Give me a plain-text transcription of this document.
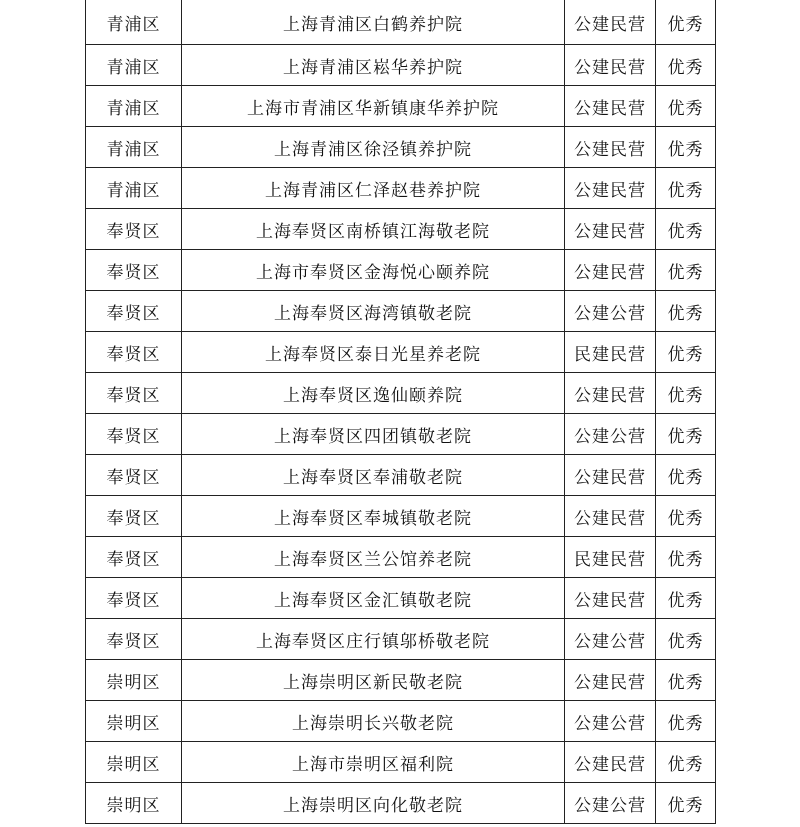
青浦区	上海青浦区白鹤养护院	公建民营	优秀
青浦区	上海青浦区崧华养护院	公建民营	优秀
青浦区	上海市青浦区华新镇康华养护院	公建民营	优秀
青浦区	上海青浦区徐泾镇养护院	公建民营	优秀
青浦区	上海青浦区仁泽赵巷养护院	公建民营	优秀
奉贤区	上海奉贤区南桥镇江海敬老院	公建民营	优秀
奉贤区	上海市奉贤区金海悦心颐养院	公建民营	优秀
奉贤区	上海奉贤区海湾镇敬老院	公建公营	优秀
奉贤区	上海奉贤区泰日光星养老院	民建民营	优秀
奉贤区	上海奉贤区逸仙颐养院	公建民营	优秀
奉贤区	上海奉贤区四团镇敬老院	公建公营	优秀
奉贤区	上海奉贤区奉浦敬老院	公建民营	优秀
奉贤区	上海奉贤区奉城镇敬老院	公建民营	优秀
奉贤区	上海奉贤区兰公馆养老院	民建民营	优秀
奉贤区	上海奉贤区金汇镇敬老院	公建民营	优秀
奉贤区	上海奉贤区庄行镇邬桥敬老院	公建公营	优秀
崇明区	上海崇明区新民敬老院	公建民营	优秀
崇明区	上海崇明长兴敬老院	公建公营	优秀
崇明区	上海市崇明区福利院	公建民营	优秀
崇明区	上海崇明区向化敬老院	公建公营	优秀
